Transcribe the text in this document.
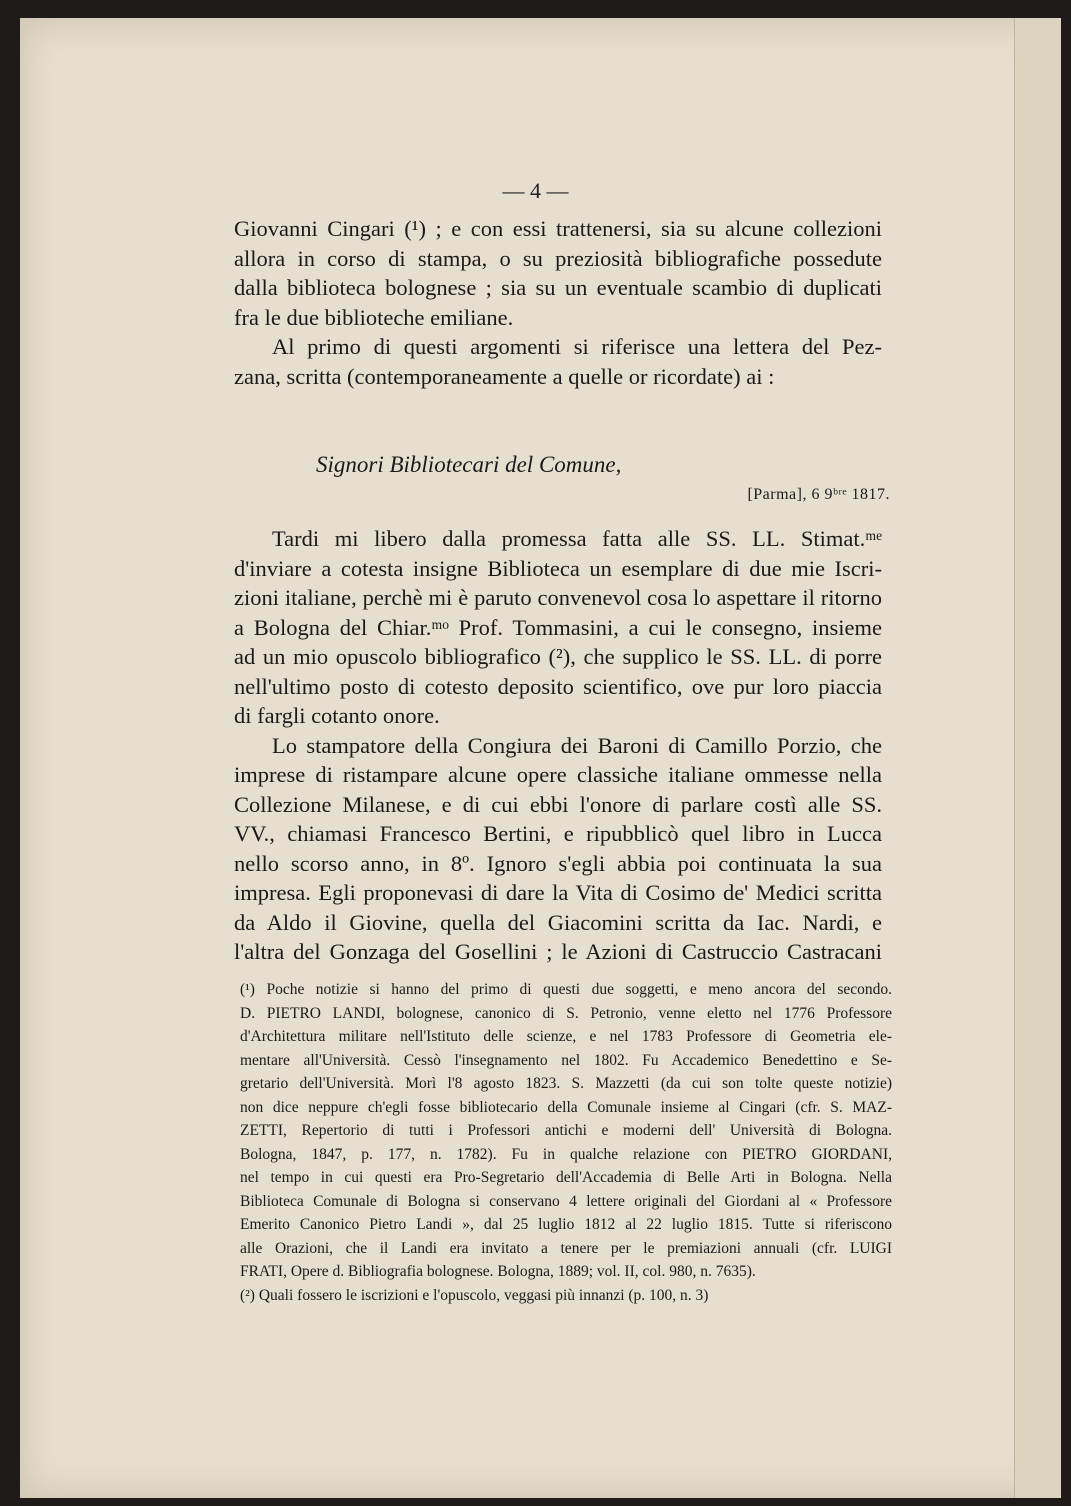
— 4 —
Giovanni Cingari (¹) ; e con essi trattenersi, sia su alcune collezioni
allora in corso di stampa, o su preziosità bibliografiche possedute
dalla biblioteca bolognese ; sia su un eventuale scambio di duplicati
fra le due biblioteche emiliane.
Al primo di questi argomenti si riferisce una lettera del Pez-
zana, scritta (contemporaneamente a quelle or ricordate) ai :
Signori Bibliotecari del Comune,
[Parma], 6 9ᵇʳᵉ 1817.
Tardi mi libero dalla promessa fatta alle SS. LL. Stimat.ᵐᵉ
d'inviare a cotesta insigne Biblioteca un esemplare di due mie Iscri-
zioni italiane, perchè mi è paruto convenevol cosa lo aspettare il ritorno
a Bologna del Chiar.ᵐᵒ Prof. Tommasini, a cui le consegno, insieme
ad un mio opuscolo bibliografico (²), che supplico le SS. LL. di porre
nell'ultimo posto di cotesto deposito scientifico, ove pur loro piaccia
di fargli cotanto onore.
Lo stampatore della Congiura dei Baroni di Camillo Porzio, che
imprese di ristampare alcune opere classiche italiane ommesse nella
Collezione Milanese, e di cui ebbi l'onore di parlare costì alle SS.
VV., chiamasi Francesco Bertini, e ripubblicò quel libro in Lucca
nello scorso anno, in 8º. Ignoro s'egli abbia poi continuata la sua
impresa. Egli proponevasi di dare la Vita di Cosimo de' Medici scritta
da Aldo il Giovine, quella del Giacomini scritta da Iac. Nardi, e
l'altra del Gonzaga del Gosellini ; le Azioni di Castruccio Castracani
(¹) Poche notizie si hanno del primo di questi due soggetti, e meno ancora del secondo.
D. PIETRO LANDI, bolognese, canonico di S. Petronio, venne eletto nel 1776 Professore
d'Architettura militare nell'Istituto delle scienze, e nel 1783 Professore di Geometria ele-
mentare all'Università. Cessò l'insegnamento nel 1802. Fu Accademico Benedettino e Se-
gretario dell'Università. Morì l'8 agosto 1823. S. Mazzetti (da cui son tolte queste notizie)
non dice neppure ch'egli fosse bibliotecario della Comunale insieme al Cingari (cfr. S. MAZ-
ZETTI, Repertorio di tutti i Professori antichi e moderni dell' Università di Bologna.
Bologna, 1847, p. 177, n. 1782). Fu in qualche relazione con PIETRO GIORDANI,
nel tempo in cui questi era Pro-Segretario dell'Accademia di Belle Arti in Bologna. Nella
Biblioteca Comunale di Bologna si conservano 4 lettere originali del Giordani al « Professore
Emerito Canonico Pietro Landi », dal 25 luglio 1812 al 22 luglio 1815. Tutte si riferiscono
alle Orazioni, che il Landi era invitato a tenere per le premiazioni annuali (cfr. LUIGI
FRATI, Opere d. Bibliografia bolognese. Bologna, 1889; vol. II, col. 980, n. 7635).
(²) Quali fossero le iscrizioni e l'opuscolo, veggasi più innanzi (p. 100, n. 3)
